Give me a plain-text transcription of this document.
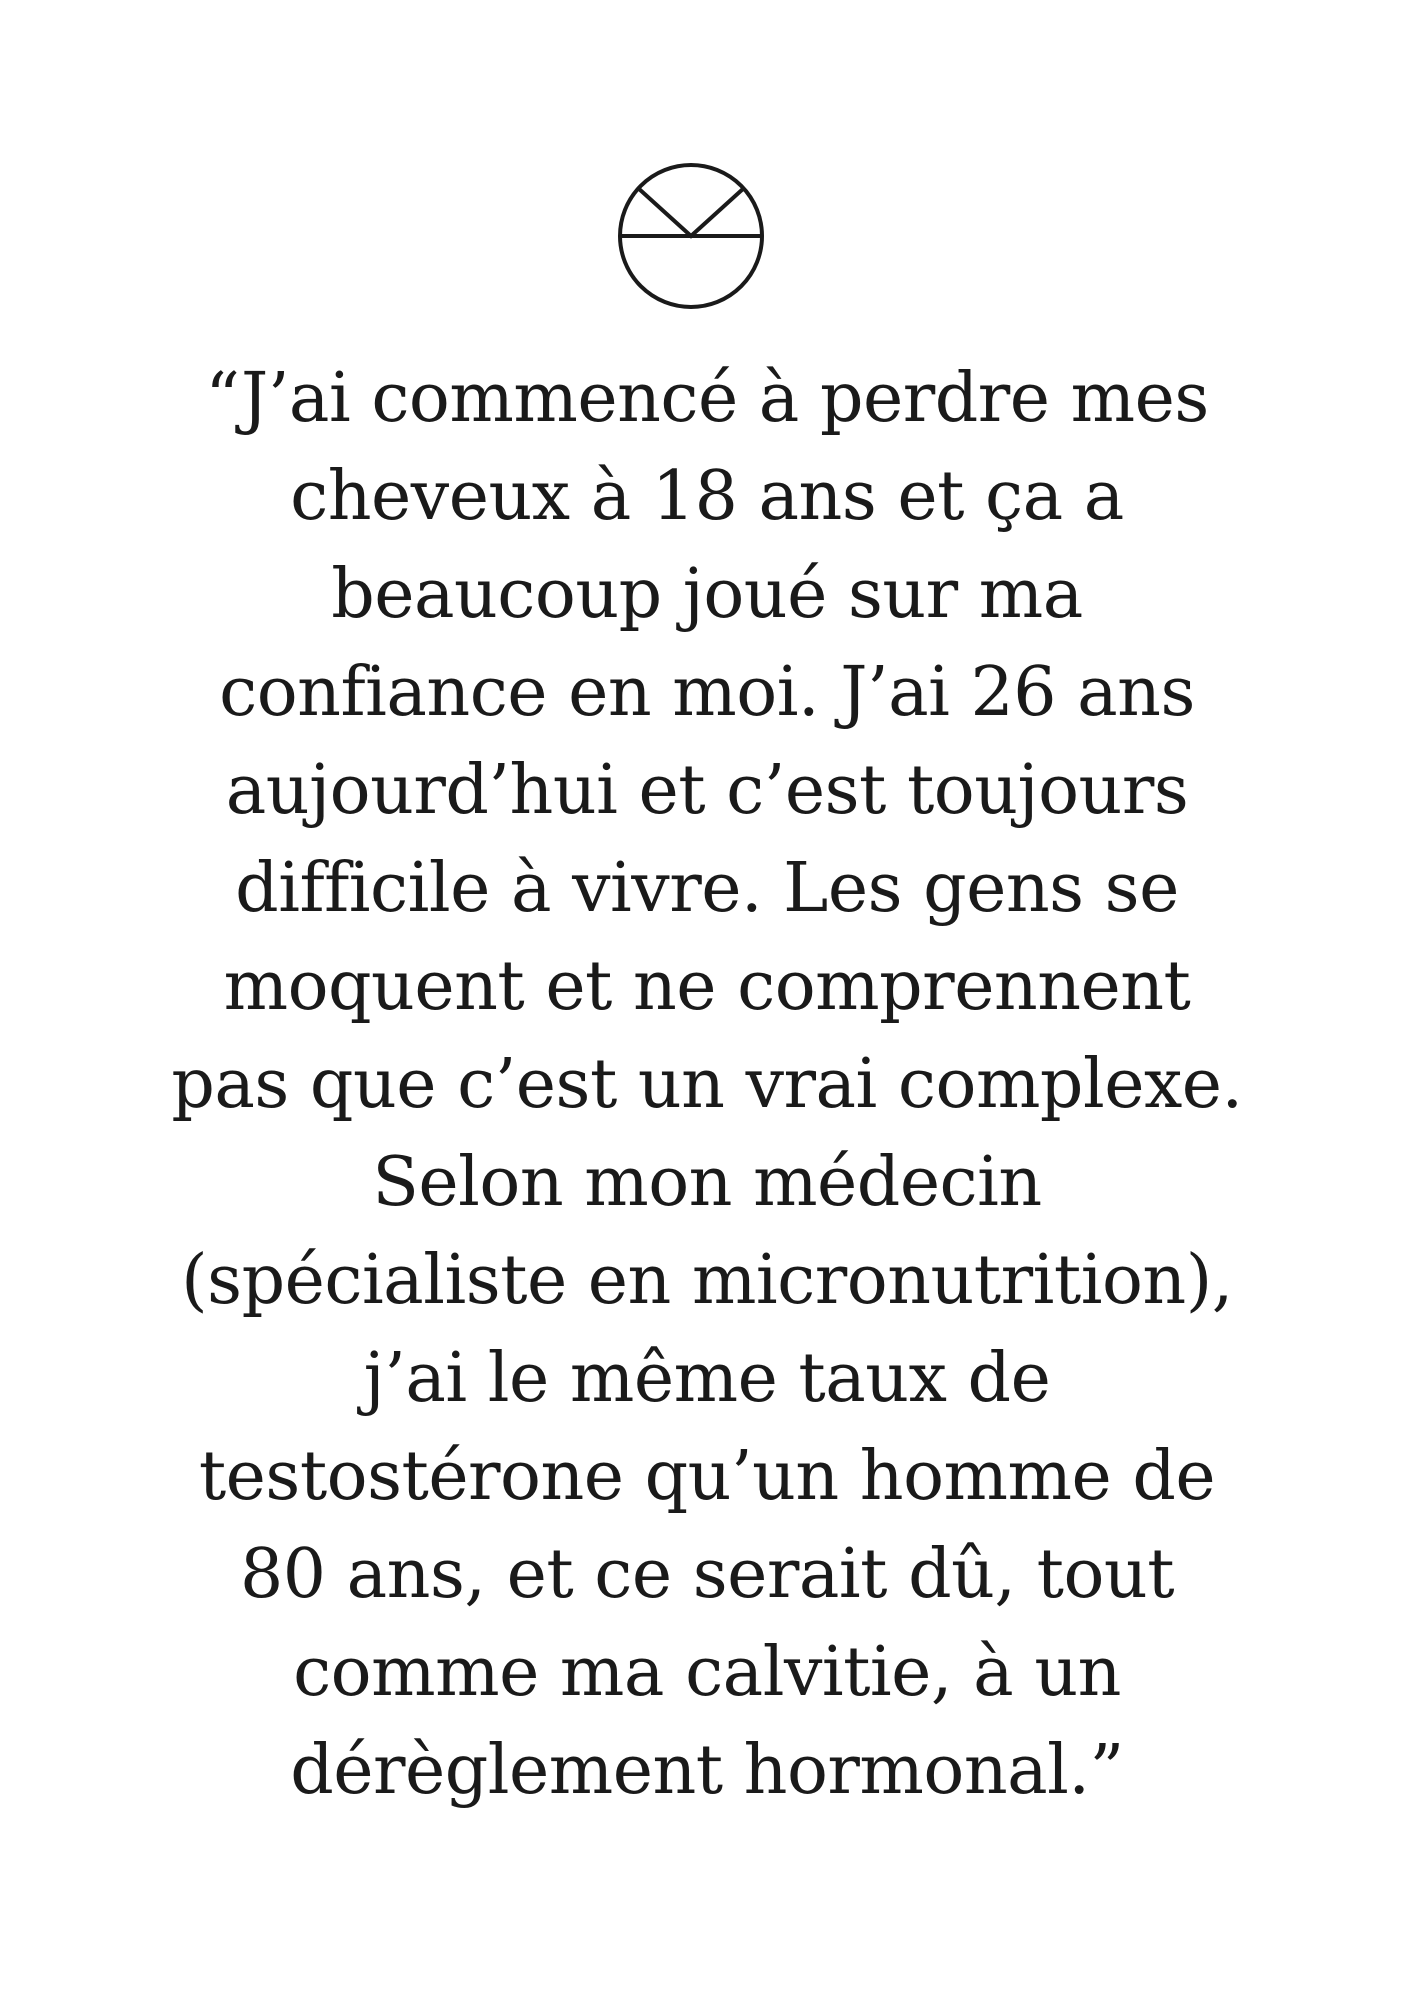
“J’ai commencé à perdre mes
cheveux à 18 ans et ça a
beaucoup joué sur ma
confiance en moi. J’ai 26 ans
aujourd’hui et c’est toujours
difficile à vivre. Les gens se
moquent et ne comprennent
pas que c’est un vrai complexe.
Selon mon médecin
(spécialiste en micronutrition),
j’ai le même taux de
testostérone qu’un homme de
80 ans, et ce serait dû, tout
comme ma calvitie, à un
dérèglement hormonal.”
